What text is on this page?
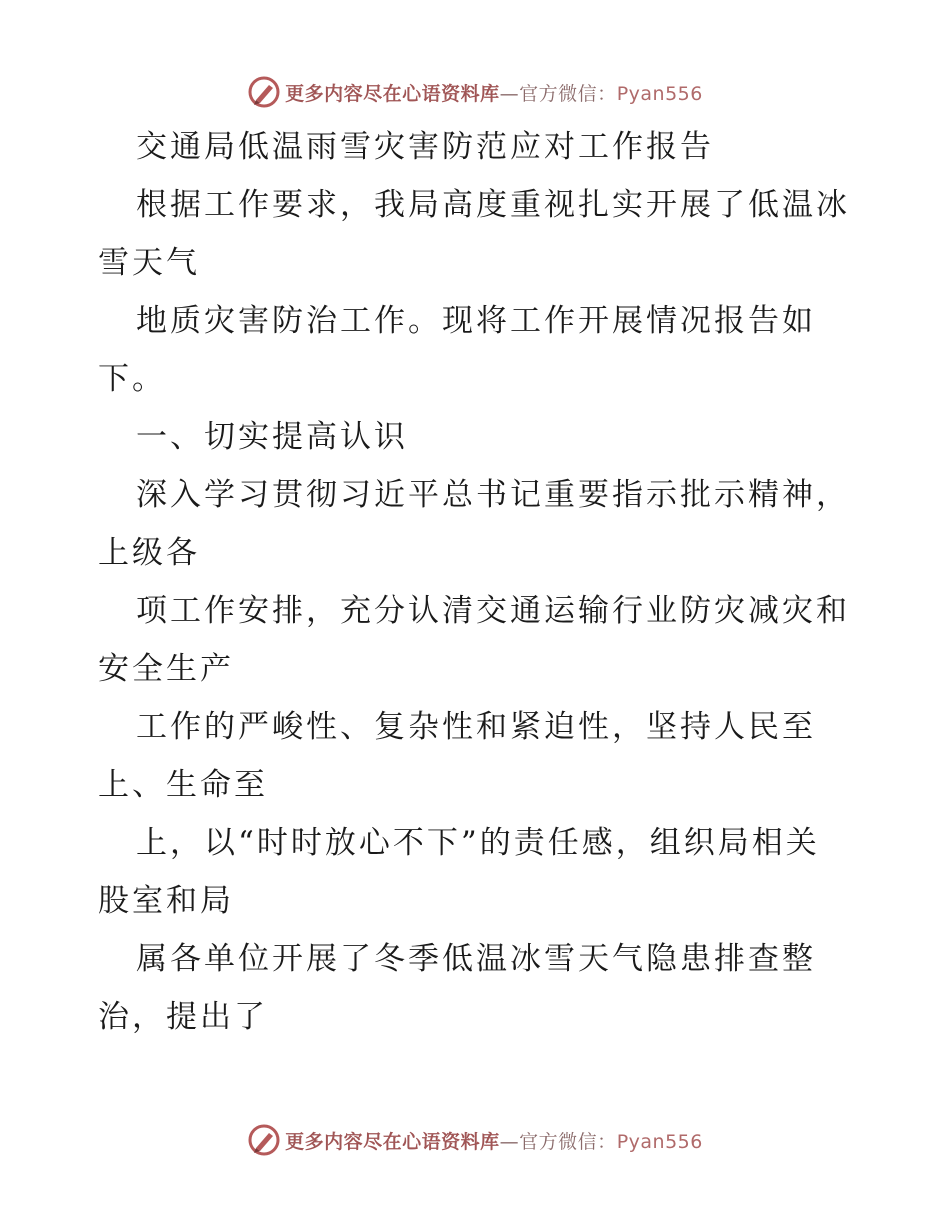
更多内容尽在心语资料库—官方微信：Pyan556
交通局低温雨雪灾害防范应对工作报告
根据工作要求，我局高度重视扎实开展了低温冰
雪天气
地质灾害防治工作。现将工作开展情况报告如
下。
一、切实提高认识
深入学习贯彻习近平总书记重要指示批示精神，
上级各
项工作安排，充分认清交通运输行业防灾减灾和
安全生产
工作的严峻性、复杂性和紧迫性，坚持人民至
上、生命至
上，以“时时放心不下”的责任感，组织局相关
股室和局
属各单位开展了冬季低温冰雪天气隐患排查整
治，提出了
更多内容尽在心语资料库—官方微信：Pyan556
